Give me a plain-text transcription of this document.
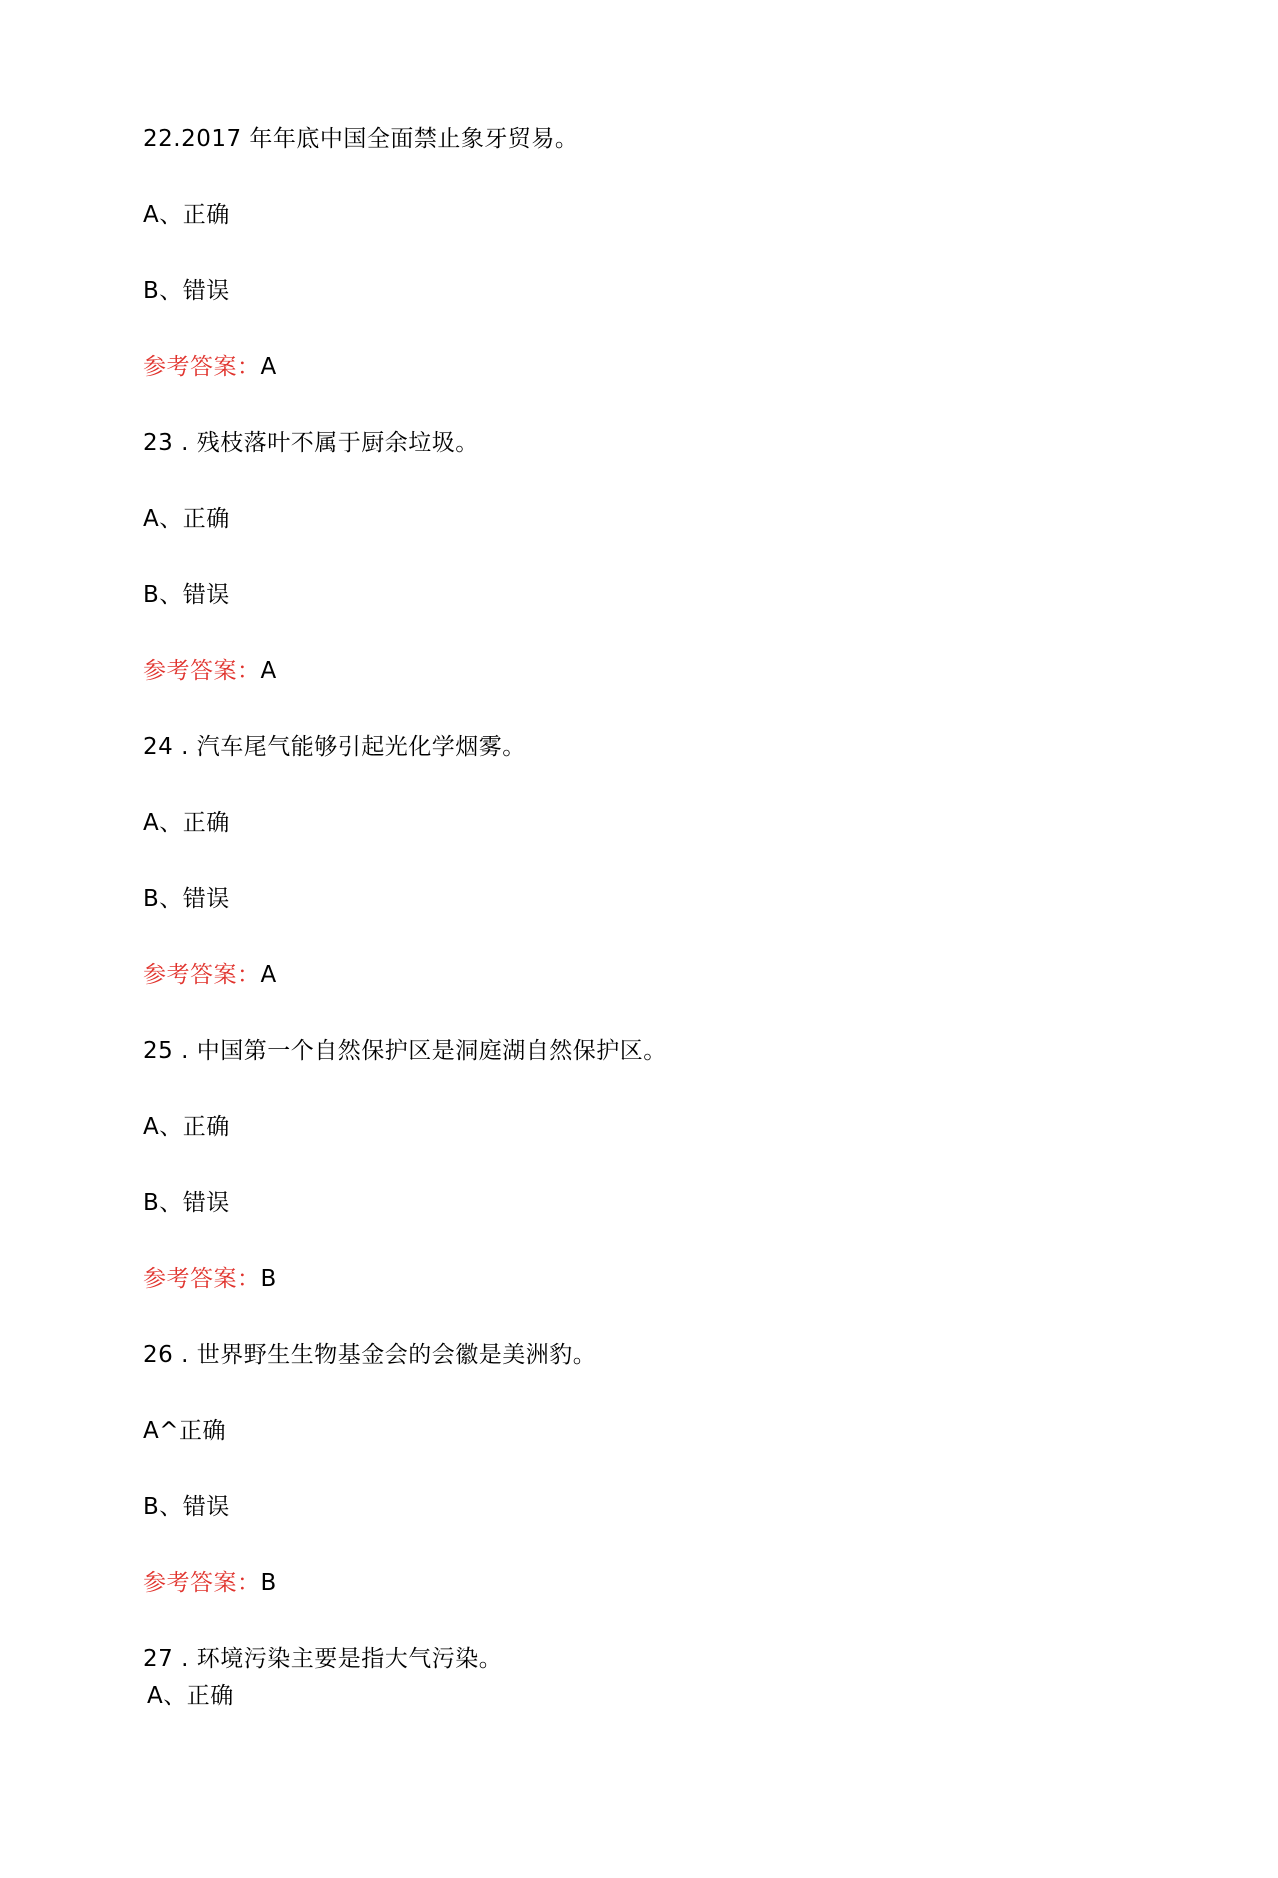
22.2017 年年底中国全面禁止象牙贸易。
A、正确
B、错误
参考答案：A
23 . 残枝落叶不属于厨余垃圾。
A、正确
B、错误
参考答案：A
24 . 汽车尾气能够引起光化学烟雾。
A、正确
B、错误
参考答案：A
25 . 中国第一个自然保护区是洞庭湖自然保护区。
A、正确
B、错误
参考答案：B
26 . 世界野生生物基金会的会徽是美洲豹。
A^正确
B、错误
参考答案：B
27 . 环境污染主要是指大气污染。
A、正确
